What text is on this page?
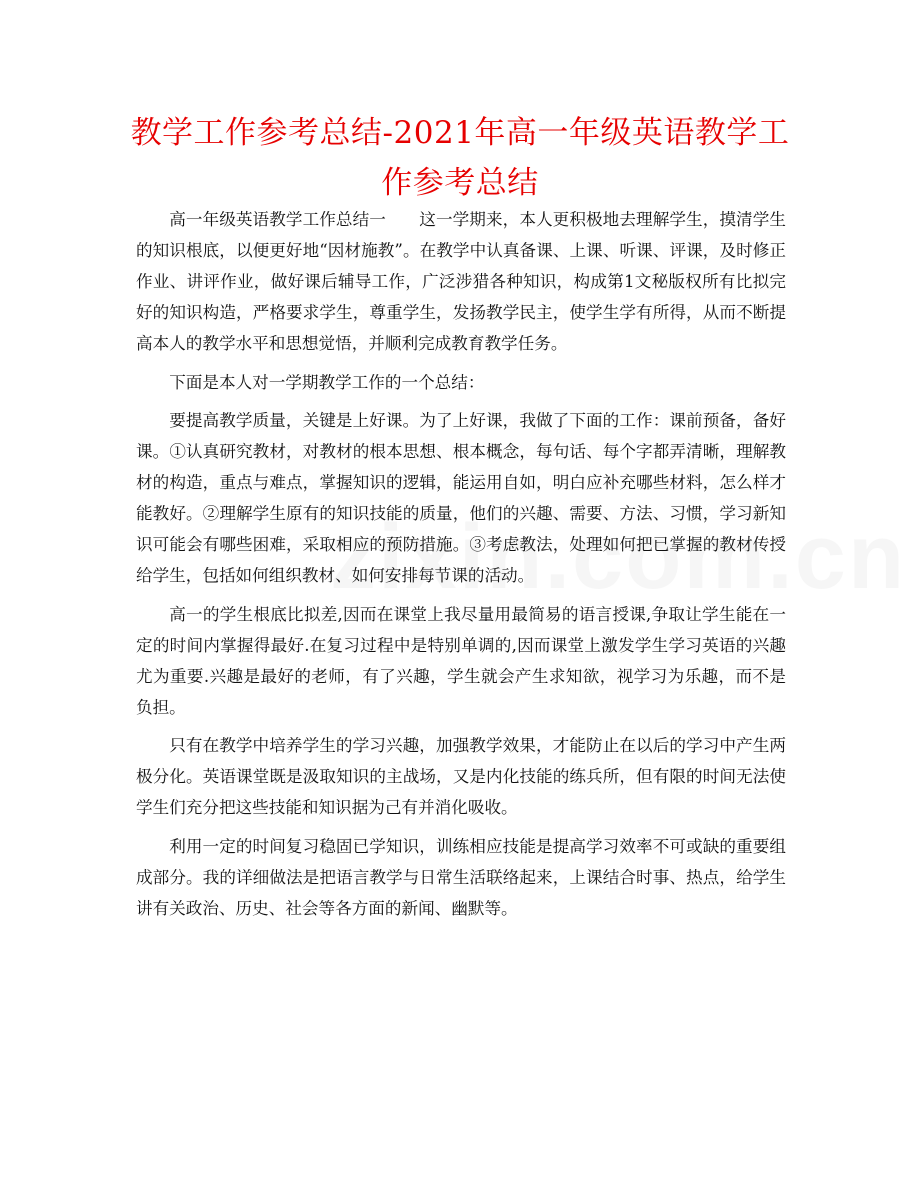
教学工作参考总结-2021年高一年级英语教学工作参考总结

高一年级英语教学工作总结一　　这一学期来，本人更积极地去理解学生，摸清学生的知识根底，以便更好地“因材施教”。在教学中认真备课、上课、听课、评课，及时修正作业、讲评作业，做好课后辅导工作，广泛涉猎各种知识，构成第1文秘版权所有比拟完好的知识构造，严格要求学生，尊重学生，发扬教学民主，使学生学有所得，从而不断提高本人的教学水平和思想觉悟，并顺利完成教育教学任务。

下面是本人对一学期教学工作的一个总结：

要提高教学质量，关键是上好课。为了上好课，我做了下面的工作：课前预备，备好课。①认真研究教材，对教材的根本思想、根本概念，每句话、每个字都弄清晰，理解教材的构造，重点与难点，掌握知识的逻辑，能运用自如，明白应补充哪些材料，怎么样才能教好。②理解学生原有的知识技能的质量，他们的兴趣、需要、方法、习惯，学习新知识可能会有哪些困难，采取相应的预防措施。③考虑教法，处理如何把已掌握的教材传授给学生，包括如何组织教材、如何安排每节课的活动。

高一的学生根底比拟差,因而在课堂上我尽量用最简易的语言授课,争取让学生能在一定的时间内掌握得最好.在复习过程中是特别单调的,因而课堂上激发学生学习英语的兴趣尤为重要.兴趣是最好的老师，有了兴趣，学生就会产生求知欲，视学习为乐趣，而不是负担。

只有在教学中培养学生的学习兴趣，加强教学效果，才能防止在以后的学习中产生两极分化。英语课堂既是汲取知识的主战场，又是内化技能的练兵所，但有限的时间无法使学生们充分把这些技能和知识据为己有并消化吸收。

利用一定的时间复习稳固已学知识，训练相应技能是提高学习效率不可或缺的重要组成部分。我的详细做法是把语言教学与日常生活联络起来，上课结合时事、热点，给学生讲有关政治、历史、社会等各方面的新闻、幽默等。
